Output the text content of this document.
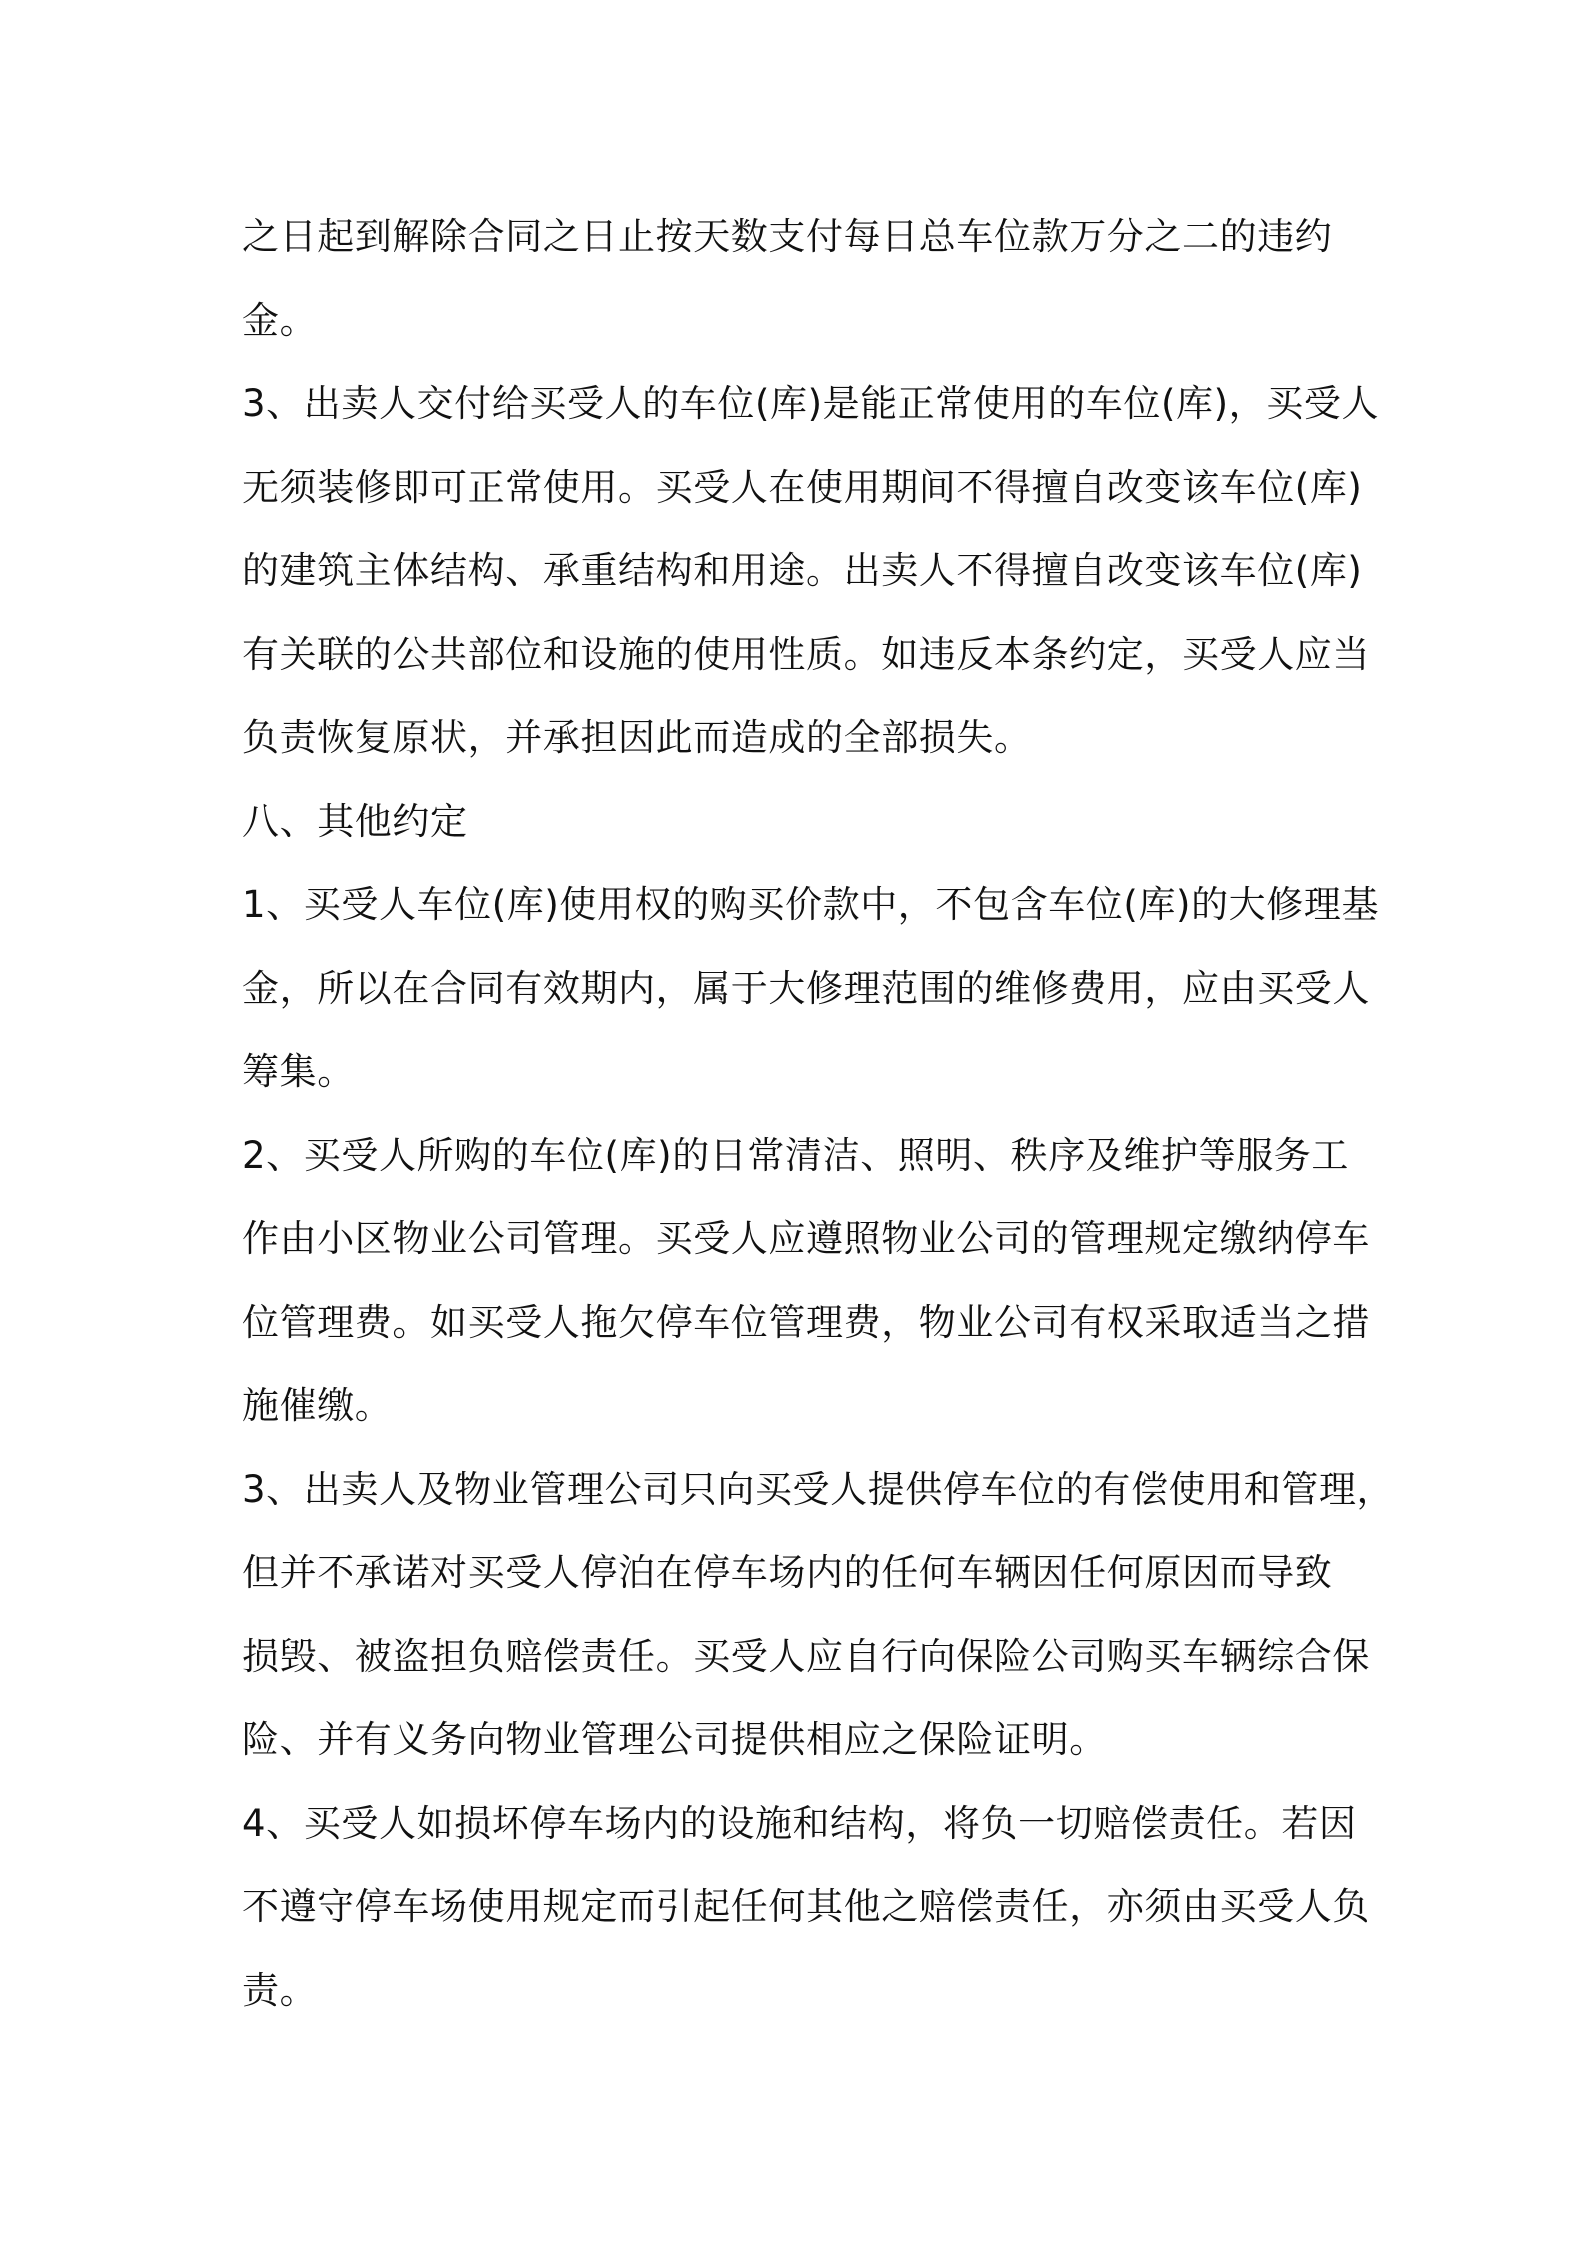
之日起到解除合同之日止按天数支付每日总车位款万分之二的违约
金。
3、出卖人交付给买受人的车位(库)是能正常使用的车位(库)，买受人
无须装修即可正常使用。买受人在使用期间不得擅自改变该车位(库)
的建筑主体结构、承重结构和用途。出卖人不得擅自改变该车位(库)
有关联的公共部位和设施的使用性质。如违反本条约定，买受人应当
负责恢复原状，并承担因此而造成的全部损失。
八、其他约定
1、买受人车位(库)使用权的购买价款中，不包含车位(库)的大修理基
金，所以在合同有效期内，属于大修理范围的维修费用，应由买受人
筹集。
2、买受人所购的车位(库)的日常清洁、照明、秩序及维护等服务工
作由小区物业公司管理。买受人应遵照物业公司的管理规定缴纳停车
位管理费。如买受人拖欠停车位管理费，物业公司有权采取适当之措
施催缴。
3、出卖人及物业管理公司只向买受人提供停车位的有偿使用和管理，
但并不承诺对买受人停泊在停车场内的任何车辆因任何原因而导致
损毁、被盗担负赔偿责任。买受人应自行向保险公司购买车辆综合保
险、并有义务向物业管理公司提供相应之保险证明。
4、买受人如损坏停车场内的设施和结构，将负一切赔偿责任。若因
不遵守停车场使用规定而引起任何其他之赔偿责任，亦须由买受人负
责。
